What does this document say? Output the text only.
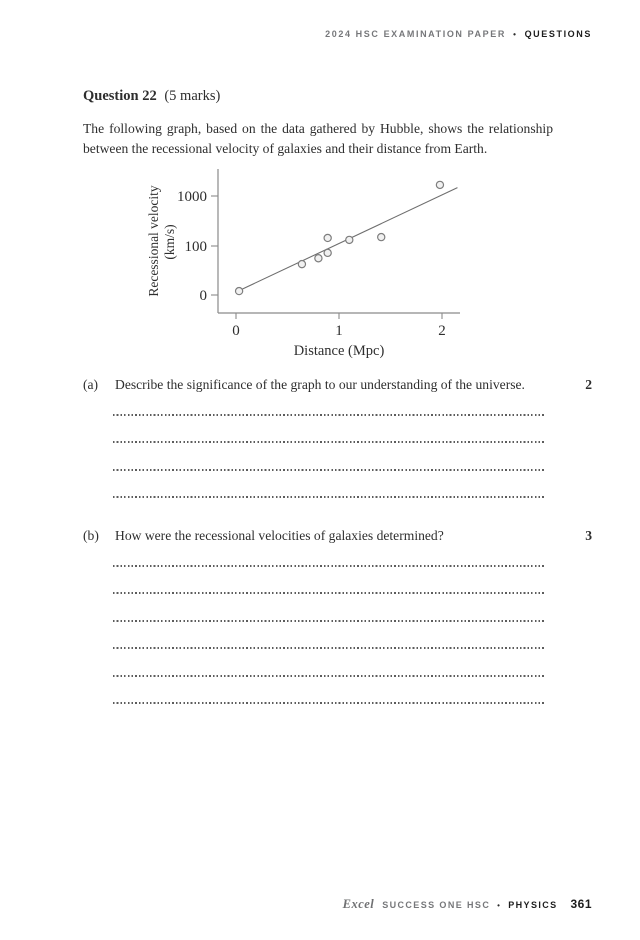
2024 HSC EXAMINATION PAPER • QUESTIONS
Question 22 (5 marks)
The following graph, based on the data gathered by Hubble, shows the relationship
between the recessional velocity of galaxies and their distance from Earth.
0
100
1000
0	1	2
Distance (Mpc)
Recessional velocity (km/s)
(a) Describe the significance of the graph to our understanding of the universe.	2
(b) How were the recessional velocities of galaxies determined?	3
Excel SUCCESS ONE HSC • PHYSICS 361
